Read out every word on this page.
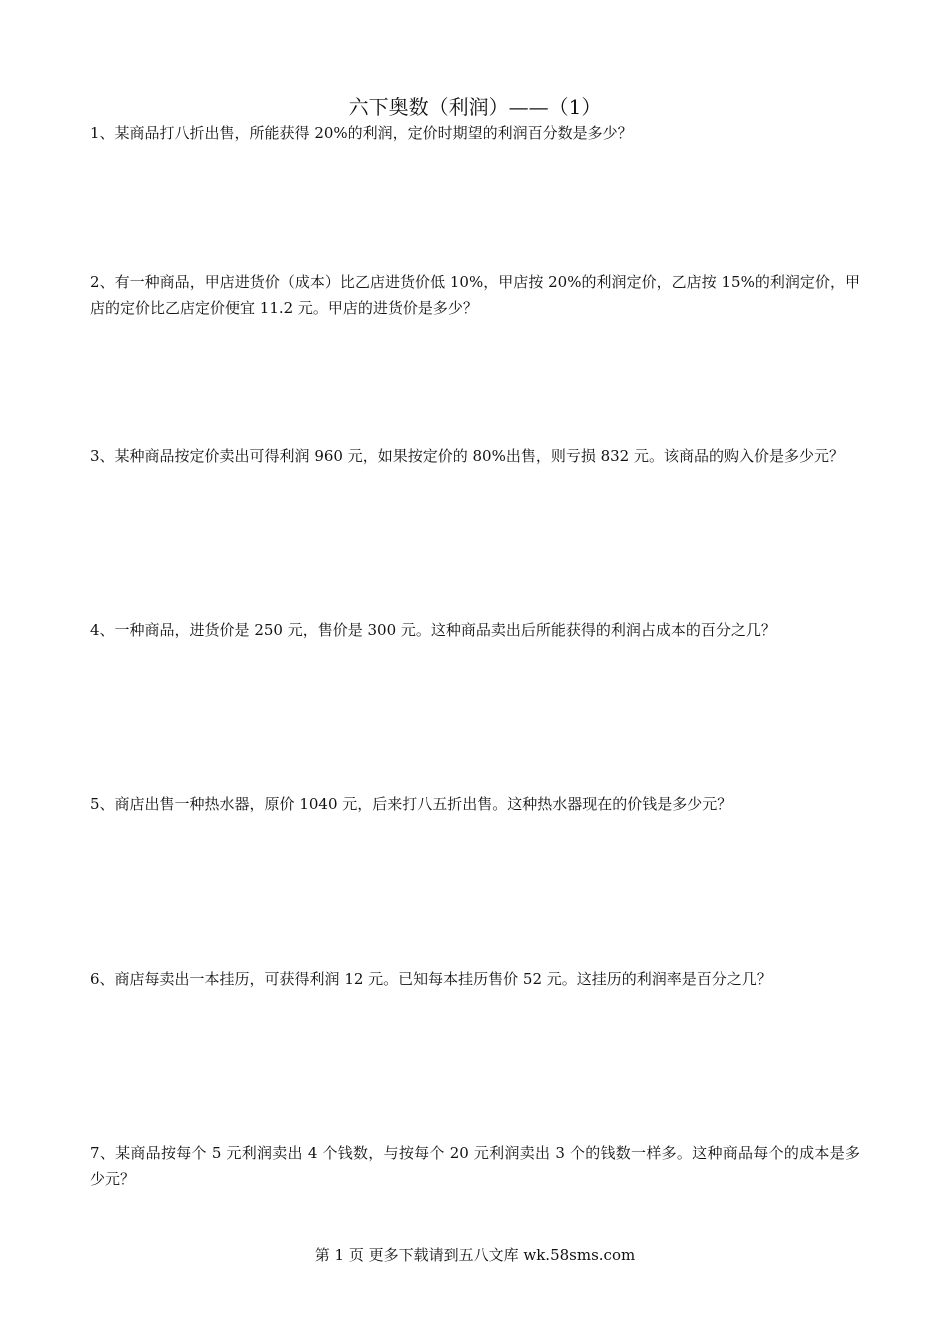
六下奥数（利润）——（1）
1、某商品打八折出售，所能获得 20%的利润，定价时期望的利润百分数是多少？
2、有一种商品，甲店进货价（成本）比乙店进货价低 10%，甲店按 20%的利润定价，乙店按 15%的利润定价，甲店的定价比乙店定价便宜 11.2 元。甲店的进货价是多少？
3、某种商品按定价卖出可得利润 960 元，如果按定价的 80%出售，则亏损 832 元。该商品的购入价是多少元？
4、一种商品，进货价是 250 元，售价是 300 元。这种商品卖出后所能获得的利润占成本的百分之几？
5、商店出售一种热水器，原价 1040 元，后来打八五折出售。这种热水器现在的价钱是多少元？
6、商店每卖出一本挂历，可获得利润 12 元。已知每本挂历售价 52 元。这挂历的利润率是百分之几？
7、某商品按每个 5 元利润卖出 4 个钱数，与按每个 20 元利润卖出 3 个的钱数一样多。这种商品每个的成本是多少元？
第 1 页 更多下载请到五八文库 wk.58sms.com
